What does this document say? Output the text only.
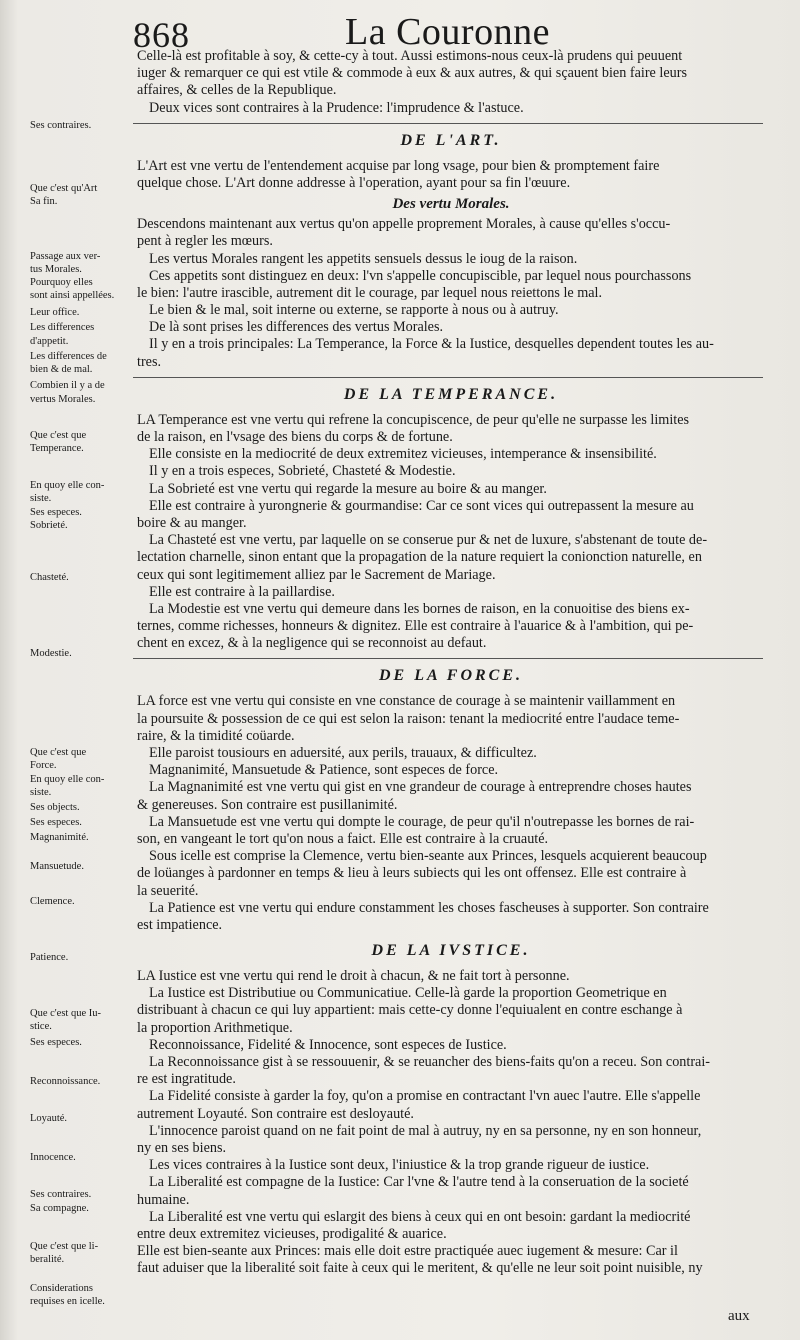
868	La Couronne
Ses contraires.
Que c'est qu'Art
Sa fin.
Passage aux ver-
tus Morales.
Pourquoy elles
sont ainsi appellées.
Leur office.
Les differences
d'appetit.
Les differences de
bien & de mal.
Combien il y a de
vertus Morales.
Que c'est que
Temperance.
En quoy elle con-
siste.
Ses especes.
Sobrieté.
Chasteté.
Modestie.
Que c'est que
Force.
En quoy elle con-
siste.
Ses objects.
Ses especes.
Magnanimité.
Mansuetude.
Clemence.
Patience.
Que c'est que Iu-
stice.
Ses especes.
Reconnoissance.
Loyauté.
Innocence.
Ses contraires.
Sa compagne.
Que c'est que li-
beralité.
Considerations
requises en icelle.
Celle-là est profitable à soy, & cette-cy à tout. Aussi estimons-nous ceux-là prudens qui peuuent
iuger & remarquer ce qui est vtile & commode à eux & aux autres, & qui sçauent bien faire leurs
affaires, & celles de la Republique.
Deux vices sont contraires à la Prudence: l'imprudence & l'astuce.
DE L'ART.
L'Art est vne vertu de l'entendement acquise par long vsage, pour bien & promptement faire
quelque chose. L'Art donne addresse à l'operation, ayant pour sa fin l'œuure.
Des vertu Morales.
Descendons maintenant aux vertus qu'on appelle proprement Morales, à cause qu'elles s'occu-
pent à regler les mœurs.
Les vertus Morales rangent les appetits sensuels dessus le ioug de la raison.
Ces appetits sont distinguez en deux: l'vn s'appelle concupiscible, par lequel nous pourchassons
le bien: l'autre irascible, autrement dit le courage, par lequel nous reiettons le mal.
Le bien & le mal, soit interne ou externe, se rapporte à nous ou à autruy.
De là sont prises les differences des vertus Morales.
Il y en a trois principales: La Temperance, la Force & la Iustice, desquelles dependent toutes les au-
tres.
DE LA TEMPERANCE.
LA Temperance est vne vertu qui refrene la concupiscence, de peur qu'elle ne surpasse les limites
de la raison, en l'vsage des biens du corps & de fortune.
Elle consiste en la mediocrité de deux extremitez vicieuses, intemperance & insensibilité.
Il y en a trois especes, Sobrieté, Chasteté & Modestie.
La Sobrieté est vne vertu qui regarde la mesure au boire & au manger.
Elle est contraire à yurongnerie & gourmandise: Car ce sont vices qui outrepassent la mesure au
boire & au manger.
La Chasteté est vne vertu, par laquelle on se conserue pur & net de luxure, s'abstenant de toute de-
lectation charnelle, sinon entant que la propagation de la nature requiert la conionction naturelle, en
ceux qui sont legitimement alliez par le Sacrement de Mariage.
Elle est contraire à la paillardise.
La Modestie est vne vertu qui demeure dans les bornes de raison, en la conuoitise des biens ex-
ternes, comme richesses, honneurs & dignitez. Elle est contraire à l'auarice & à l'ambition, qui pe-
chent en excez, & à la negligence qui se reconnoist au defaut.
DE LA FORCE.
LA force est vne vertu qui consiste en vne constance de courage à se maintenir vaillamment en
la poursuite & possession de ce qui est selon la raison: tenant la mediocrité entre l'audace teme-
raire, & la timidité coüarde.
Elle paroist tousiours en aduersité, aux perils, trauaux, & difficultez.
Magnanimité, Mansuetude & Patience, sont especes de force.
La Magnanimité est vne vertu qui gist en vne grandeur de courage à entreprendre choses hautes
& genereuses. Son contraire est pusillanimité.
La Mansuetude est vne vertu qui dompte le courage, de peur qu'il n'outrepasse les bornes de rai-
son, en vangeant le tort qu'on nous a faict. Elle est contraire à la cruauté.
Sous icelle est comprise la Clemence, vertu bien-seante aux Princes, lesquels acquierent beaucoup
de loüanges à pardonner en temps & lieu à leurs subiects qui les ont offensez. Elle est contraire à
la seuerité.
La Patience est vne vertu qui endure constamment les choses fascheuses à supporter. Son contraire
est impatience.
DE LA IVSTICE.
LA Iustice est vne vertu qui rend le droit à chacun, & ne fait tort à personne.
La Iustice est Distributiue ou Communicatiue. Celle-là garde la proportion Geometrique en
distribuant à chacun ce qui luy appartient: mais cette-cy donne l'equiualent en contre eschange à
la proportion Arithmetique.
Reconnoissance, Fidelité & Innocence, sont especes de Iustice.
La Reconnoissance gist à se ressouuenir, & se reuancher des biens-faits qu'on a receu. Son contrai-
re est ingratitude.
La Fidelité consiste à garder la foy, qu'on a promise en contractant l'vn auec l'autre. Elle s'appelle
autrement Loyauté. Son contraire est desloyauté.
L'innocence paroist quand on ne fait point de mal à autruy, ny en sa personne, ny en son honneur,
ny en ses biens.
Les vices contraires à la Iustice sont deux, l'iniustice & la trop grande rigueur de iustice.
La Liberalité est compagne de la Iustice: Car l'vne & l'autre tend à la conseruation de la societé
humaine.
La Liberalité est vne vertu qui eslargit des biens à ceux qui en ont besoin: gardant la mediocrité
entre deux extremitez vicieuses, prodigalité & auarice.
Elle est bien-seante aux Princes: mais elle doit estre practiquée auec iugement & mesure: Car il
faut aduiser que la liberalité soit faite à ceux qui le meritent, & qu'elle ne leur soit point nuisible, ny
aux
